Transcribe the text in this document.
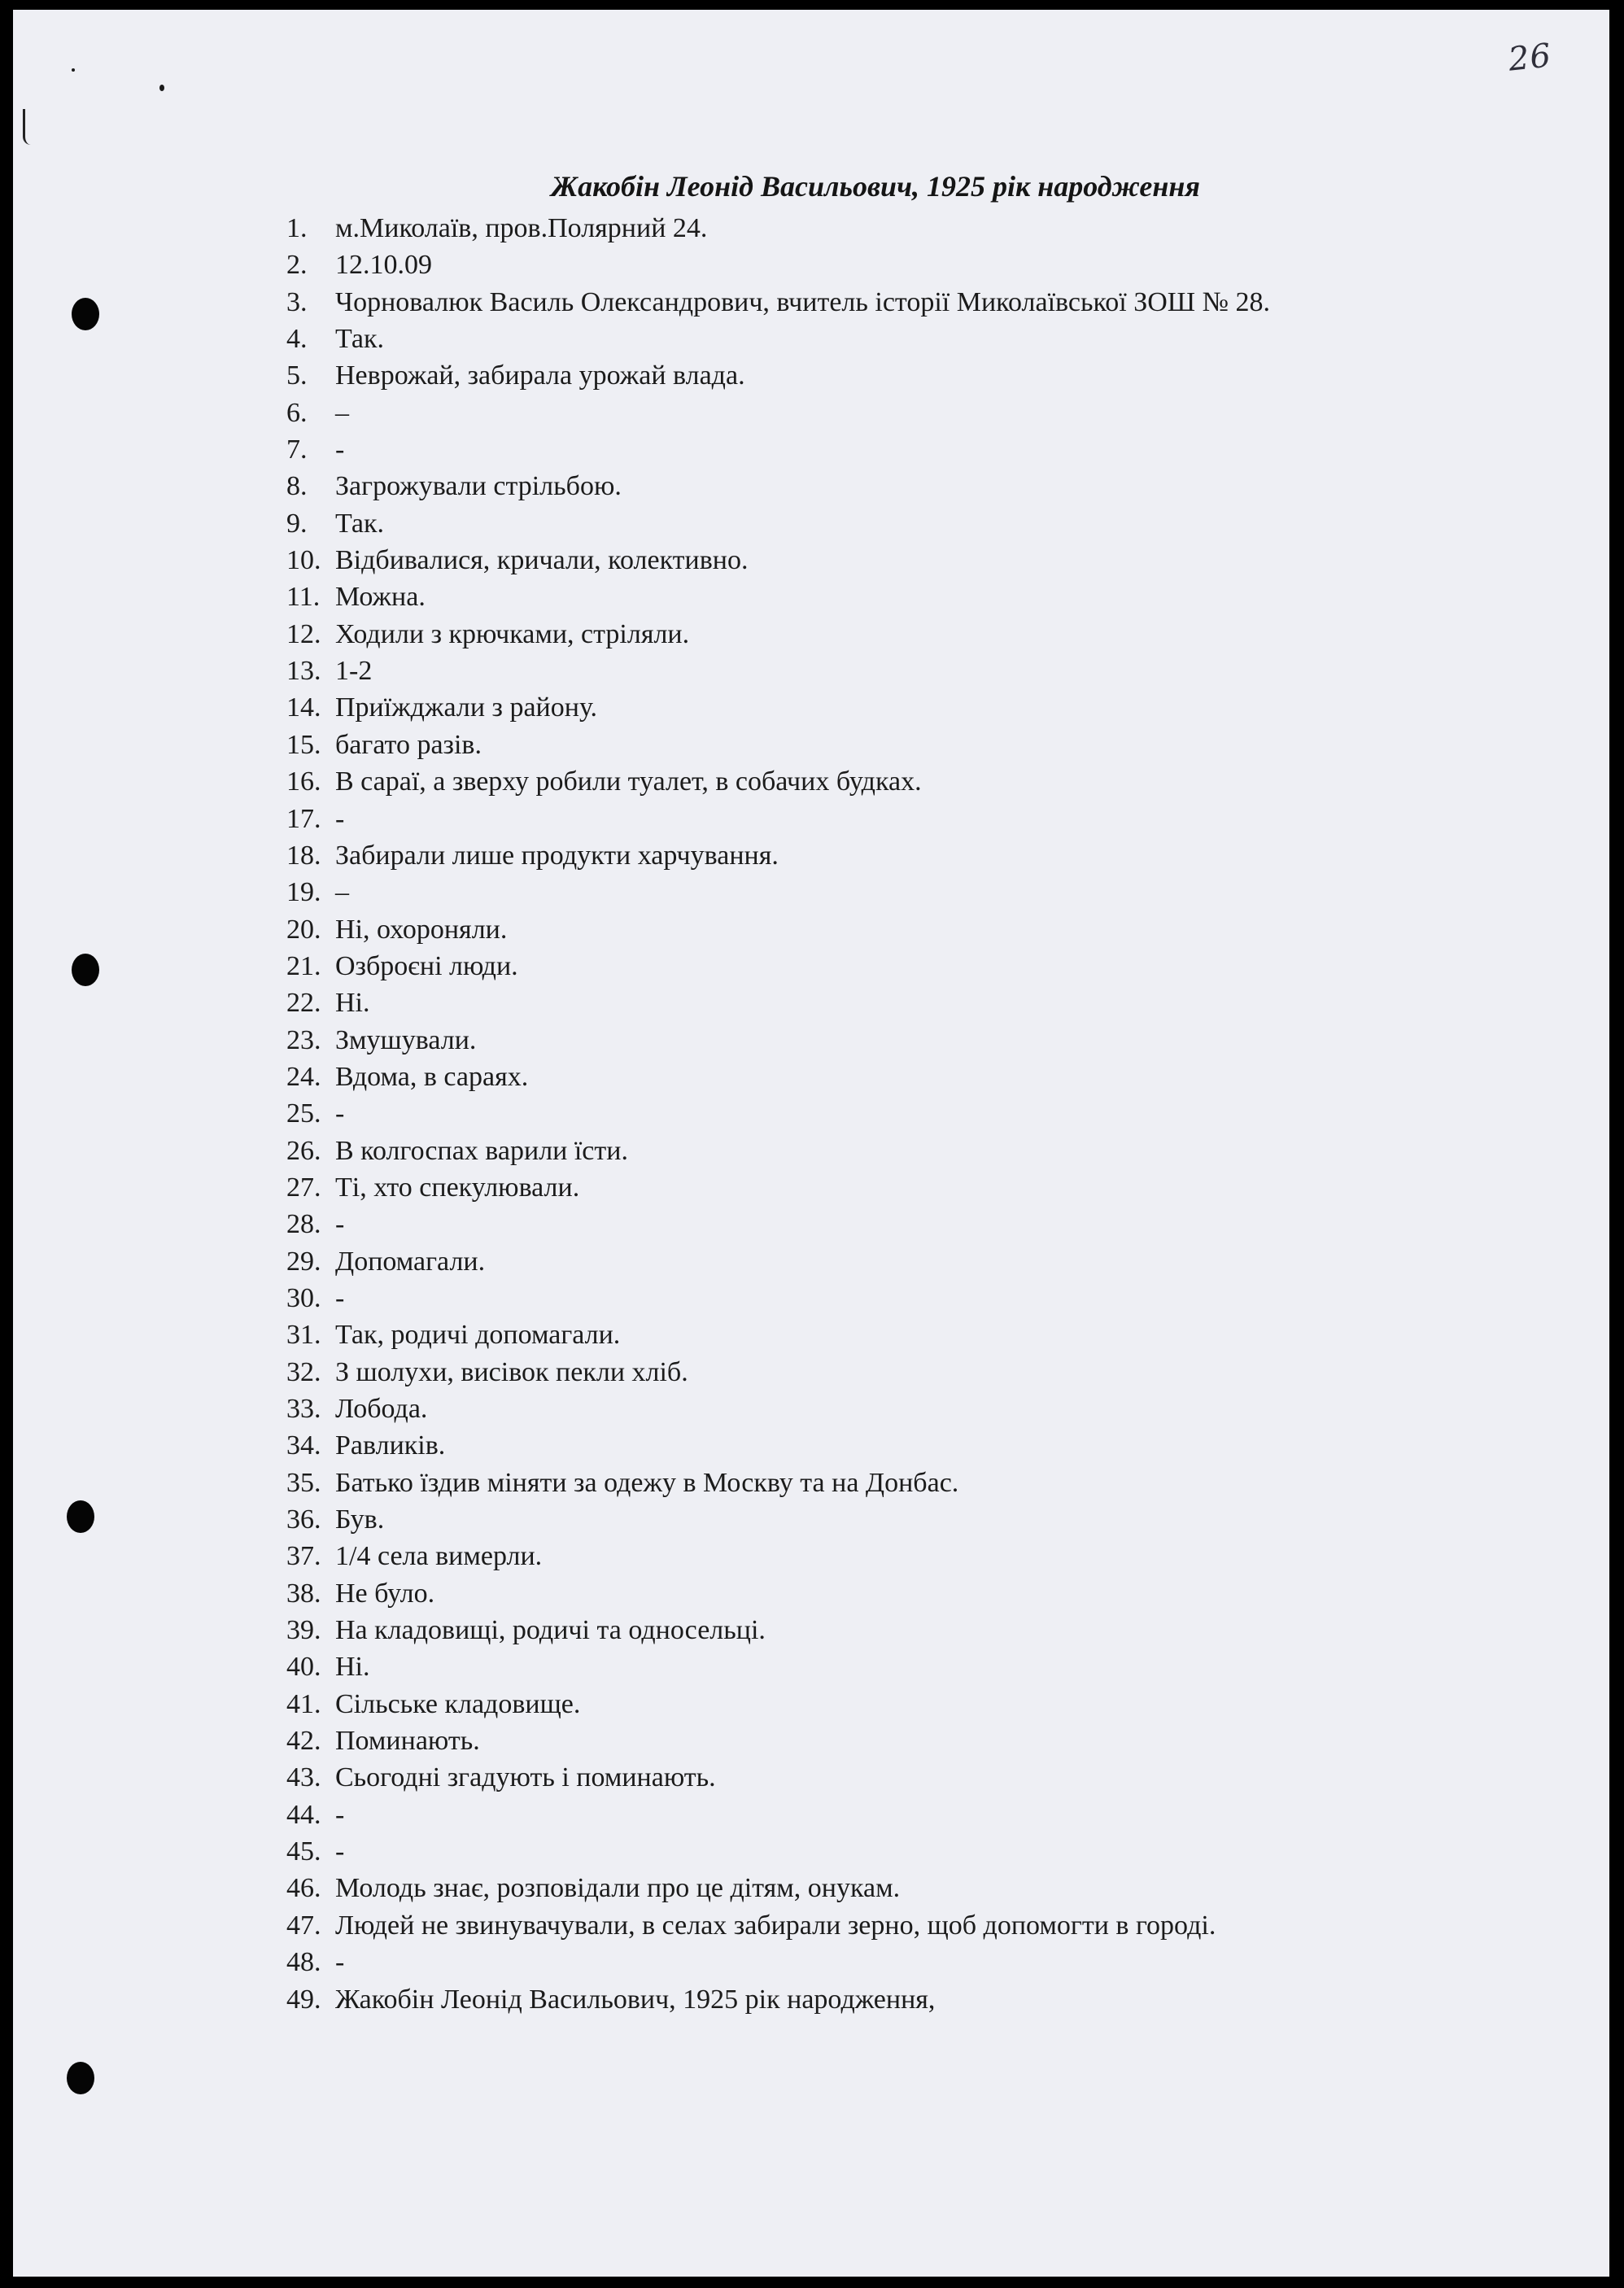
26
Жакобін Леонід Васильович, 1925 рік народження
1. м.Миколаїв, пров.Полярний 24.
2. 12.10.09
3. Чорновалюк Василь Олександрович, вчитель історії Миколаївської ЗОШ № 28.
4. Так.
5. Неврожай, забирала урожай влада.
6. –
7. -
8. Загрожували стрільбою.
9. Так.
10. Відбивалися, кричали, колективно.
11. Можна.
12. Ходили з крючками, стріляли.
13. 1-2
14. Приїжджали з району.
15. багато разів.
16. В сараї, а зверху робили туалет, в собачих будках.
17. -
18. Забирали лише продукти харчування.
19. –
20. Ні, охороняли.
21. Озброєні люди.
22. Ні.
23. Змушували.
24. Вдома, в сараях.
25. -
26. В колгоспах варили їсти.
27. Ті, хто спекулювали.
28. -
29. Допомагали.
30. -
31. Так, родичі допомагали.
32. З шолухи, висівок пекли хліб.
33. Лобода.
34. Равликів.
35. Батько їздив міняти за одежу в Москву та на Донбас.
36. Був.
37. 1/4 села вимерли.
38. Не було.
39. На кладовищі, родичі та односельці.
40. Ні.
41. Сільське кладовище.
42. Поминають.
43. Сьогодні згадують і поминають.
44. -
45. -
46. Молодь знає, розповідали про це дітям, онукам.
47. Людей не звинувачували, в селах забирали зерно, щоб допомогти в городі.
48. -
49. Жакобін Леонід Васильович, 1925 рік народження,
